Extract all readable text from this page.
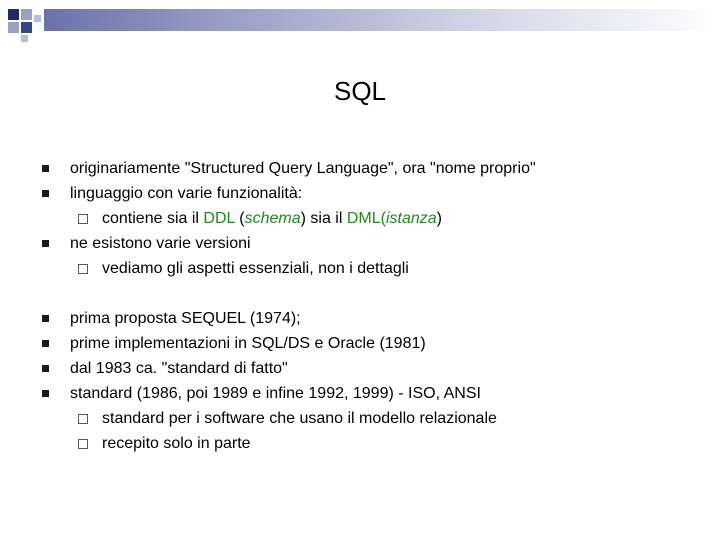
SQL
originariamente "Structured Query Language", ora "nome proprio"
linguaggio con varie funzionalità:
contiene sia il DDL (schema) sia il DML(istanza)
ne esistono varie versioni
vediamo gli aspetti essenziali, non i dettagli
prima proposta SEQUEL (1974);
prime implementazioni in SQL/DS e Oracle (1981)
dal 1983 ca. "standard di fatto"
standard (1986, poi 1989 e infine 1992, 1999) - ISO, ANSI
standard per i software che usano il modello relazionale
recepito solo in parte
